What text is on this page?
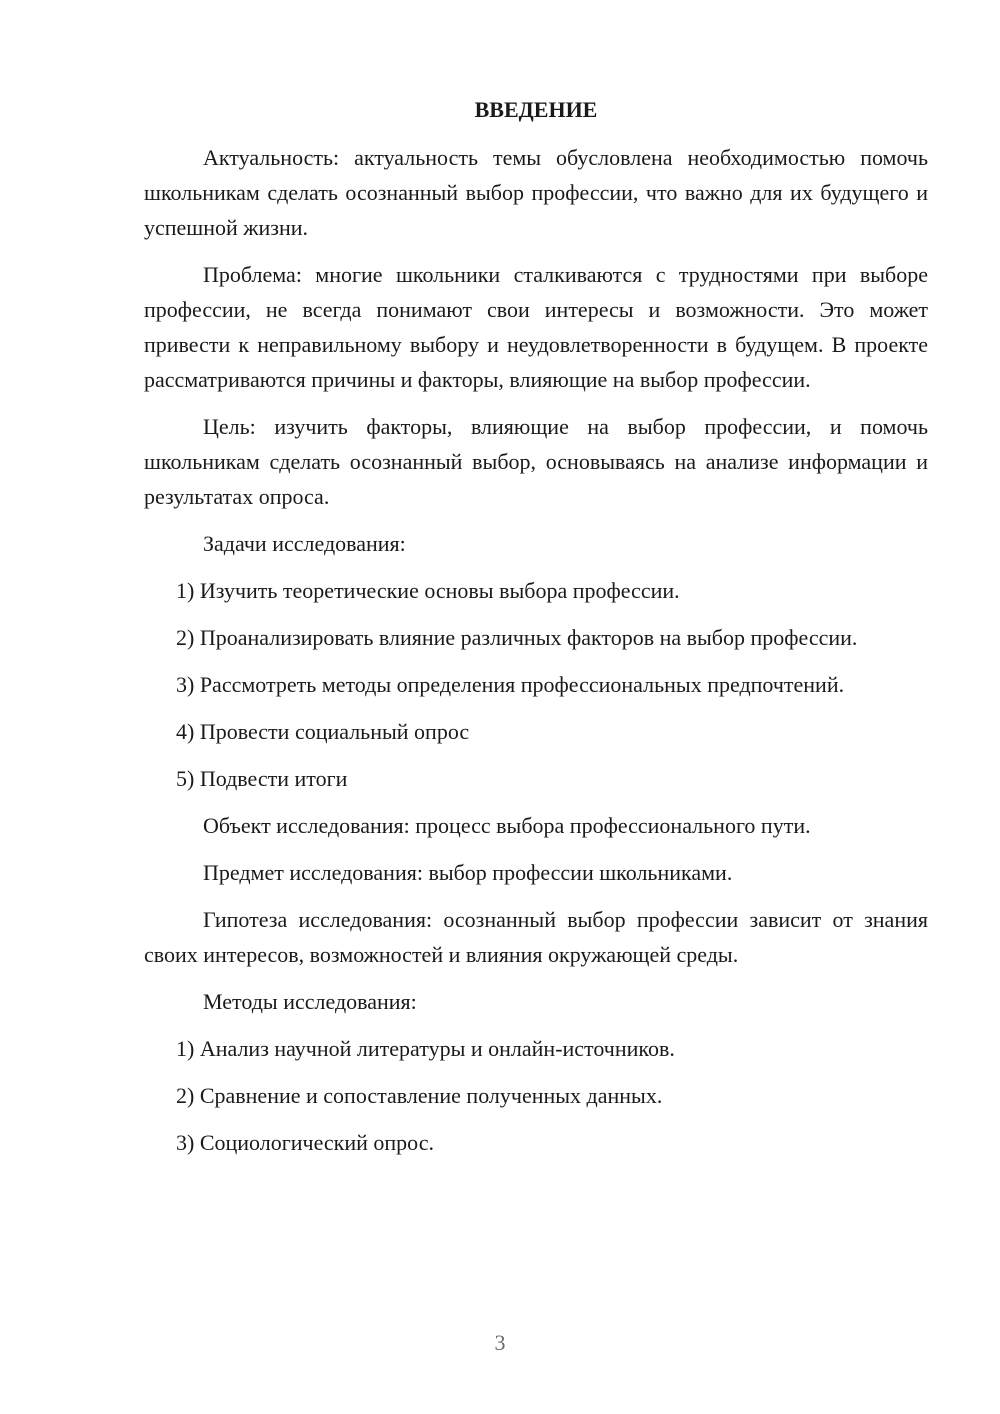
ВВЕДЕНИЕ

Актуальность: актуальность темы обусловлена необходимостью помочь школьникам сделать осознанный выбор профессии, что важно для их будущего и успешной жизни.

Проблема: многие школьники сталкиваются с трудностями при выборе профессии, не всегда понимают свои интересы и возможности. Это может привести к неправильному выбору и неудовлетворенности в будущем. В проекте рассматриваются причины и факторы, влияющие на выбор профессии.

Цель: изучить факторы, влияющие на выбор профессии, и помочь школьникам сделать осознанный выбор, основываясь на анализе информации и результатах опроса.

Задачи исследования:

1) Изучить теоретические основы выбора профессии.

2) Проанализировать влияние различных факторов на выбор профессии.

3) Рассмотреть методы определения профессиональных предпочтений.

4) Провести социальный опрос

5) Подвести итоги

Объект исследования: процесс выбора профессионального пути.

Предмет исследования: выбор профессии школьниками.

Гипотеза исследования: осознанный выбор профессии зависит от знания своих интересов, возможностей и влияния окружающей среды.

Методы исследования:

1) Анализ научной литературы и онлайн-источников.

2) Сравнение и сопоставление полученных данных.

3) Социологический опрос.

3
